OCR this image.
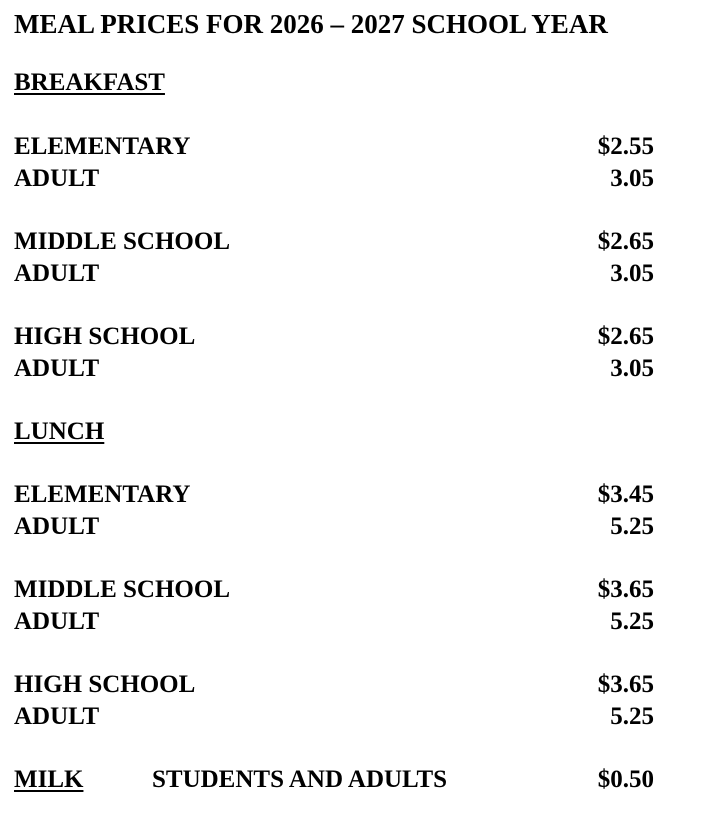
MEAL PRICES FOR 2026 – 2027 SCHOOL YEAR
BREAKFAST
ELEMENTARY	$2.55
ADULT	3.05
MIDDLE SCHOOL	$2.65
ADULT	3.05
HIGH SCHOOL	$2.65
ADULT	3.05
LUNCH
ELEMENTARY	$3.45
ADULT	5.25
MIDDLE SCHOOL	$3.65
ADULT	5.25
HIGH SCHOOL	$3.65
ADULT	5.25
MILK	STUDENTS AND ADULTS	$0.50
